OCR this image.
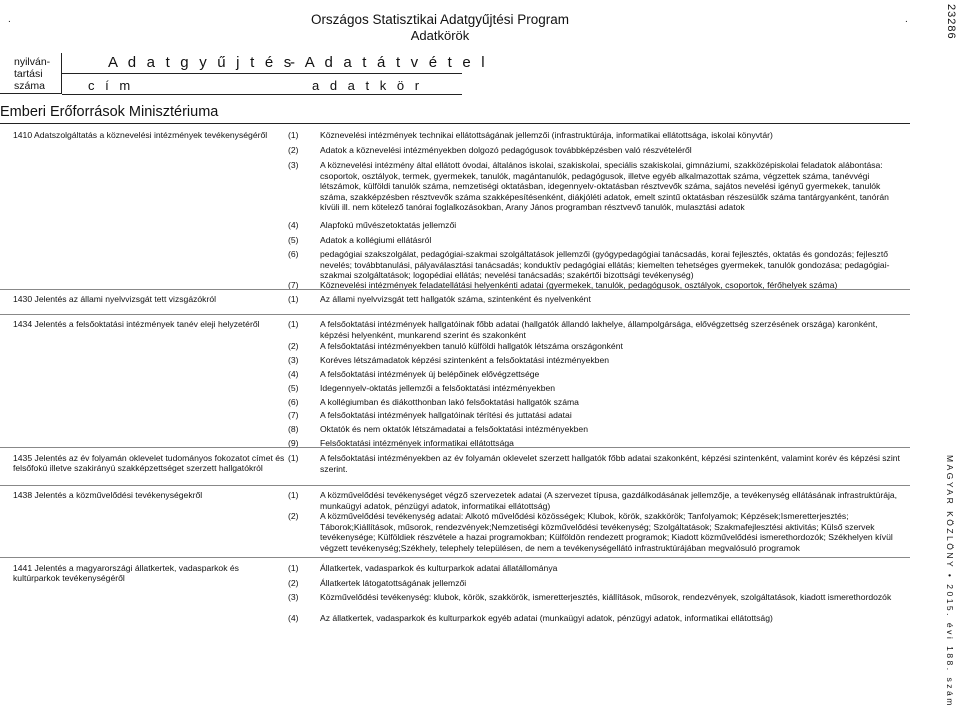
.	.
Országos Statisztikai Adatgyűjtési Program
Adatkörök	23286
MAGYAR KÖZLÖNY • 2015. évi 188. szám
nyilván- tartási száma
A d a t g y ű j t é s
c í m
- A d a t á t v é t e l
a d a t k ö r
Emberi Erőforrások Minisztériuma
1410 Adatszolgáltatás a köznevelési intézmények tevékenységéről	(1)	Köznevelési intézmények technikai ellátottságának jellemzői (infrastruktúrája, informatikai ellátottsága, iskolai könyvtár)
(2)	Adatok a köznevelési intézményekben dolgozó pedagógusok továbbképzésben való részvételéről
(3)	A köznevelési intézmény által ellátott óvodai, általános iskolai, szakiskolai, speciális szakiskolai, gimnáziumi, szakközépiskolai feladatok alábontása: csoportok, osztályok, termek, gyermekek, tanulók, magántanulók, pedagógusok, illetve egyéb alkalmazottak száma, végzettek száma, tanévvégi létszámok, külföldi tanulók száma, nemzetiségi oktatásban, idegennyelv-oktatásban résztvevők száma, sajátos nevelési igényű gyermekek, tanulók száma, szakképzésben résztvevők száma szakképesítésenként, diákjóléti adatok, emelt szintű oktatásban részesülők száma tantárgyanként, tanórán kívüli ill. nem kötelező tanórai foglalkozásokban, Arany János programban résztvevő tanulók, mulasztási adatok
(4)	Alapfokú művészetoktatás jellemzői
(5)	Adatok a kollégiumi ellátásról
(6)	pedagógiai szakszolgálat, pedagógiai-szakmai szolgáltatások jellemzői (gyógypedagógiai tanácsadás, korai fejlesztés, oktatás és gondozás; fejlesztő nevelés; továbbtanulási, pályaválasztási tanácsadás; konduktív pedagógiai ellátás; kiemelten tehetséges gyermekek, tanulók gondozása; pedagógiai-szakmai szolgáltatások; logopédiai ellátás; nevelési tanácsadás; szakértői bizottsági tevékenység)
(7)	Köznevelési intézmények feladatellátási helyenkénti adatai (gyermekek, tanulók, pedagógusok, osztályok, csoportok, férőhelyek száma)
1430 Jelentés az állami nyelvvizsgát tett vizsgázókról	(1)	Az állami nyelvvizsgát tett hallgatók száma, szintenként és nyelvenként
1434 Jelentés a felsőoktatási intézmények tanév eleji helyzetéről	(1)	A felsőoktatási intézmények hallgatóinak főbb adatai (hallgatók állandó lakhelye, állampolgársága, elővégzettség szerzésének országa) karonként, képzési helyenként, munkarend szerint és szakonként
(2)	A felsőoktatási intézményekben tanuló külföldi hallgatók létszáma országonként
(3)	Koréves létszámadatok képzési szintenként a felsőoktatási intézményekben
(4)	A felsőoktatási intézmények új belépőinek elővégzettsége
(5)	Idegennyelv-oktatás jellemzői a felsőoktatási intézményekben
(6)	A kollégiumban és diákotthonban lakó felsőoktatási hallgatók száma
(7)	A felsőoktatási intézmények hallgatóinak térítési és juttatási adatai
(8)	Oktatók és nem oktatók létszámadatai a felsőoktatási intézményekben
(9)	Felsőoktatási intézmények informatikai ellátottsága
1435 Jelentés az év folyamán oklevelet tudományos fokozatot címet és felsőfokú illetve szakirányú szakképzettséget szerzett hallgatókról
(1)	A felsőoktatási intézményekben az év folyamán oklevelet szerzett hallgatók főbb adatai szakonként, képzési szintenként, valamint korév és képzési szint szerint.
1438 Jelentés a közművelődési tevékenységekről	(1)	A közművelődési tevékenységet végző szervezetek adatai (A szervezet típusa, gazdálkodásának jellemzője, a tevékenység ellátásának infrastruktúrája, munkaügyi adatok, pénzügyi adatok, informatikai ellátottság)
(2)	A közművelődési tevékenység adatai: Alkotó művelődési közösségek; Klubok, körök, szakkörök; Tanfolyamok; Képzések;Ismeretterjesztés; Táborok;Kiállítások, műsorok, rendezvények;Nemzetiségi közművelődési tevékenység; Szolgáltatások; Szakmafejlesztési aktivitás; Külső szervek tevékenysége; Külföldiek részvétele a hazai programokban; Külföldön rendezett programok; Kiadott közművelődési ismerethordozók; Székhelyen kívül végzett tevékenység;Székhely, telephely településen, de nem a tevékenységellátó infrastruktúrájában megvalósuló programok
1441 Jelentés a magyarországi állatkertek, vadasparkok és kultúrparkok tevékenységéről
(1)	Állatkertek, vadasparkok és kulturparkok adatai állatállománya
(2)	Állatkertek látogatottságának jellemzői
(3)	Közművelődési tevékenység: klubok, körök, szakkörök, ismeretterjesztés, kiállítások, műsorok, rendezvények, szolgáltatások, kiadott ismerethordozók
(4)	Az állatkertek, vadasparkok és kulturparkok egyéb adatai (munkaügyi adatok, pénzügyi adatok, informatikai ellátottság)
